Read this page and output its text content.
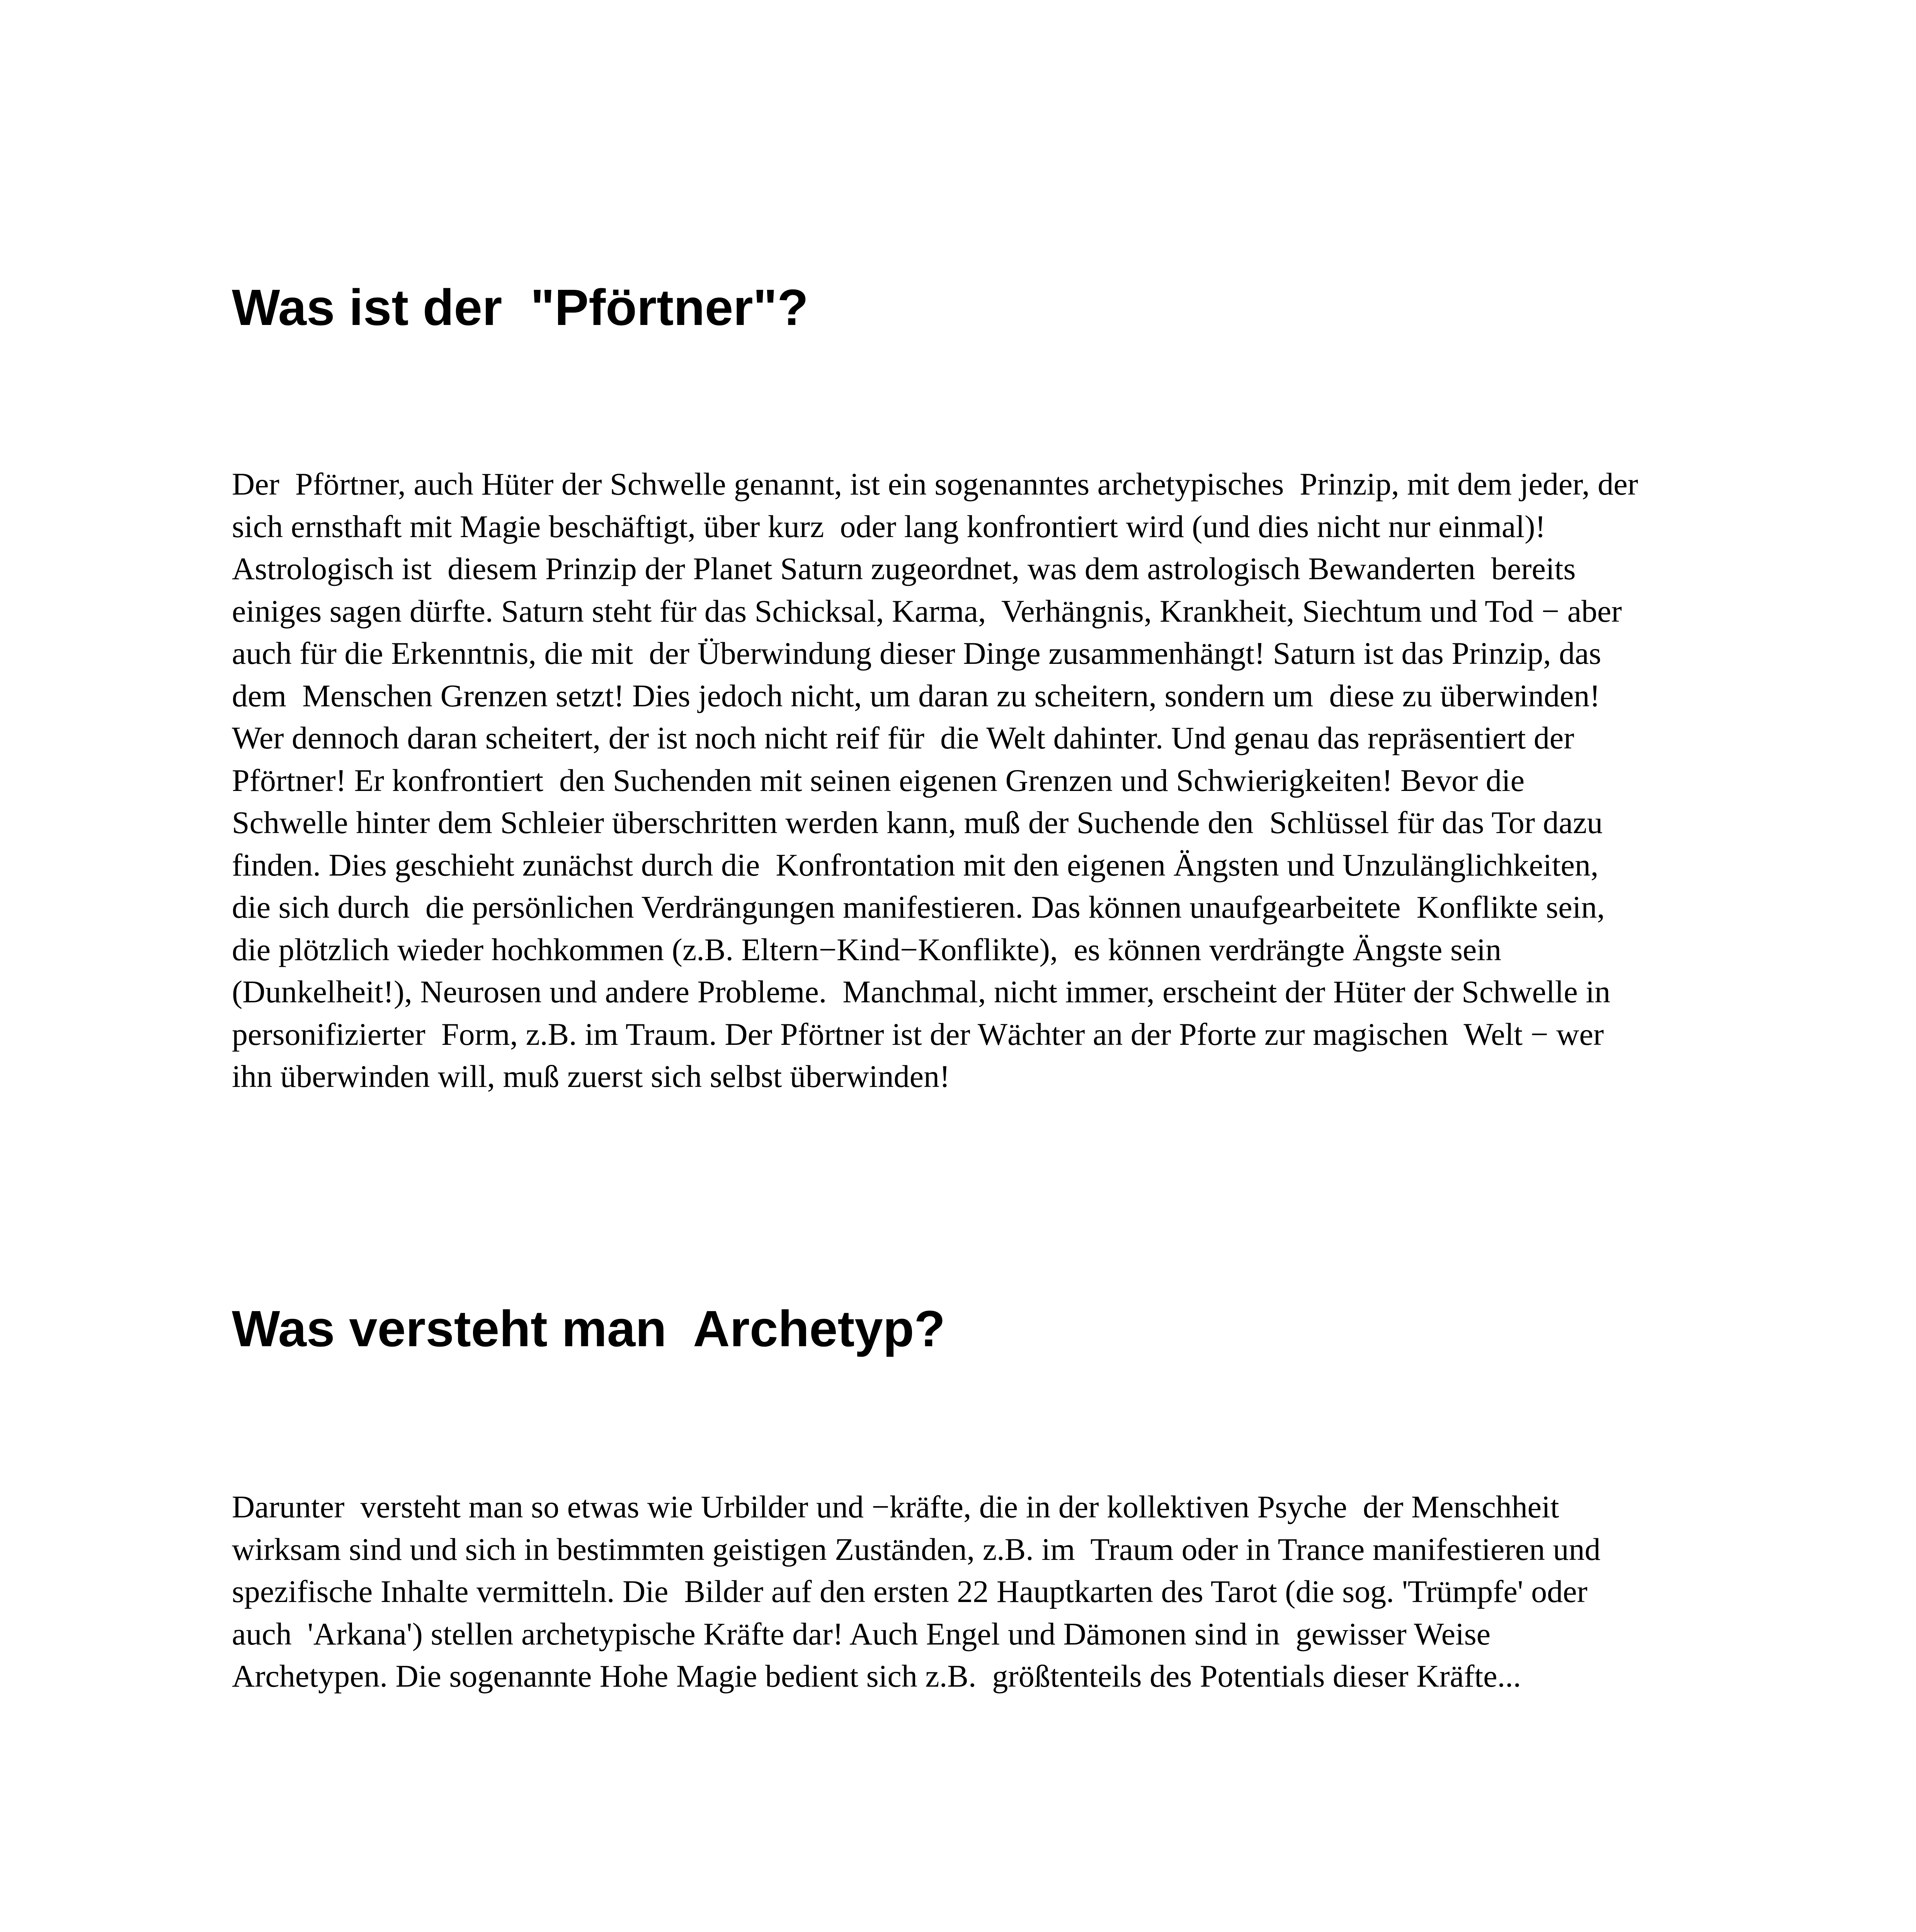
Was ist der  "Pförtner"?
Der  Pförtner, auch Hüter der Schwelle genannt, ist ein sogenanntes archetypisches  Prinzip, mit dem jeder, der
sich ernsthaft mit Magie beschäftigt, über kurz  oder lang konfrontiert wird (und dies nicht nur einmal)!
Astrologisch ist  diesem Prinzip der Planet Saturn zugeordnet, was dem astrologisch Bewanderten  bereits
einiges sagen dürfte. Saturn steht für das Schicksal, Karma,  Verhängnis, Krankheit, Siechtum und Tod − aber
auch für die Erkenntnis, die mit  der Überwindung dieser Dinge zusammenhängt! Saturn ist das Prinzip, das
dem  Menschen Grenzen setzt! Dies jedoch nicht, um daran zu scheitern, sondern um  diese zu überwinden!
Wer dennoch daran scheitert, der ist noch nicht reif für  die Welt dahinter. Und genau das repräsentiert der
Pförtner! Er konfrontiert  den Suchenden mit seinen eigenen Grenzen und Schwierigkeiten! Bevor die
Schwelle hinter dem Schleier überschritten werden kann, muß der Suchende den  Schlüssel für das Tor dazu
finden. Dies geschieht zunächst durch die  Konfrontation mit den eigenen Ängsten und Unzulänglichkeiten,
die sich durch  die persönlichen Verdrängungen manifestieren. Das können unaufgearbeitete  Konflikte sein,
die plötzlich wieder hochkommen (z.B. Eltern−Kind−Konflikte),  es können verdrängte Ängste sein
(Dunkelheit!), Neurosen und andere Probleme.  Manchmal, nicht immer, erscheint der Hüter der Schwelle in
personifizierter  Form, z.B. im Traum. Der Pförtner ist der Wächter an der Pforte zur magischen  Welt − wer
ihn überwinden will, muß zuerst sich selbst überwinden!
Was versteht man  Archetyp?
Darunter  versteht man so etwas wie Urbilder und −kräfte, die in der kollektiven Psyche  der Menschheit
wirksam sind und sich in bestimmten geistigen Zuständen, z.B. im  Traum oder in Trance manifestieren und
spezifische Inhalte vermitteln. Die  Bilder auf den ersten 22 Hauptkarten des Tarot (die sog. 'Trümpfe' oder
auch  'Arkana') stellen archetypische Kräfte dar! Auch Engel und Dämonen sind in  gewisser Weise
Archetypen. Die sogenannte Hohe Magie bedient sich z.B.  größtenteils des Potentials dieser Kräfte...
